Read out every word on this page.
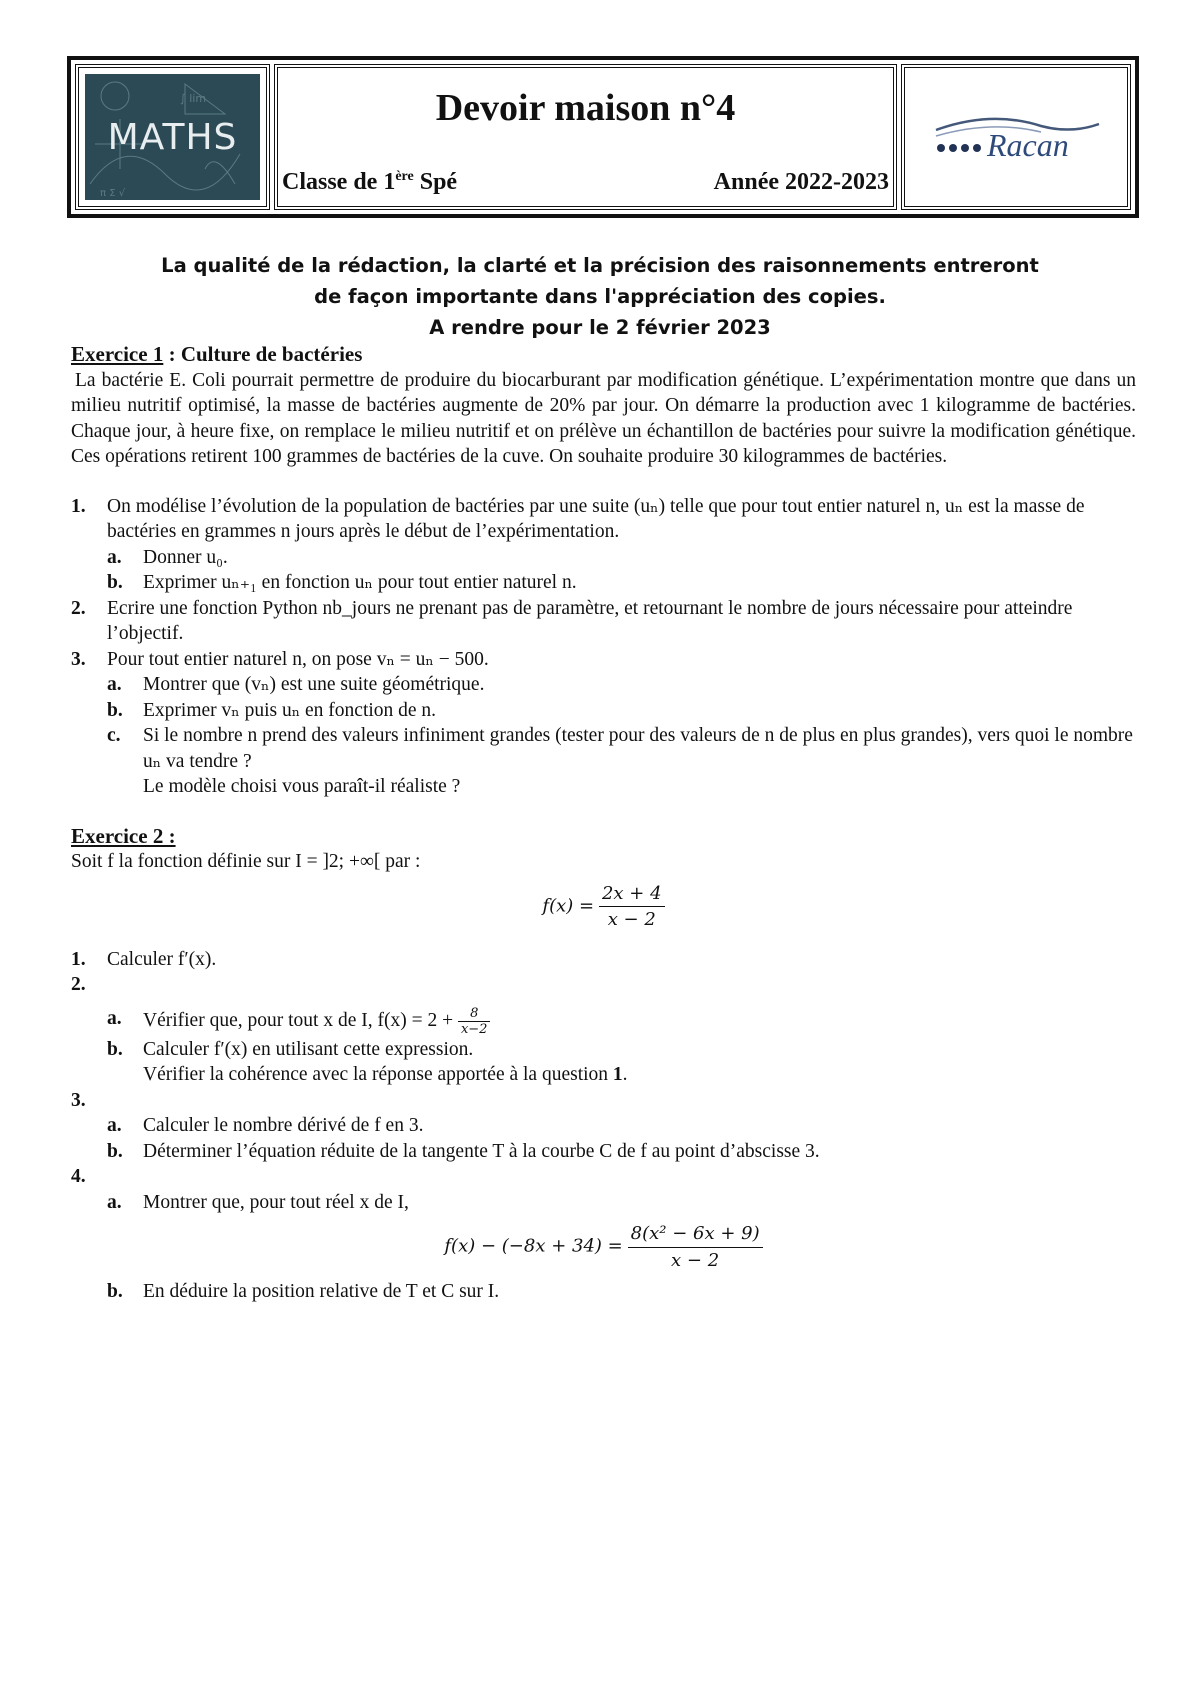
∫ lim
π Σ √
MATHS
Devoir maison n°4
Classe de 1ère Spé	Année 2022-2023
Racan
La qualité de la rédaction, la clarté et la précision des raisonnements entreront
de façon importante dans l'appréciation des copies.
A rendre pour le 2 février 2023

Exercice 1 : Culture de bactéries

La bactérie E. Coli pourrait permettre de produire du biocarburant par modification génétique. L’expérimentation montre que dans un milieu nutritif optimisé, la masse de bactéries augmente de 20% par jour. On démarre la production avec 1 kilogramme de bactéries. Chaque jour, à heure fixe, on remplace le milieu nutritif et on prélève un échantillon de bactéries pour suivre la modification génétique. Ces opérations retirent 100 grammes de bactéries de la cuve. On souhaite produire 30 kilogrammes de bactéries.

1. On modélise l’évolution de la population de bactéries par une suite (uₙ) telle que pour tout entier naturel n, uₙ est la masse de bactéries en grammes n jours après le début de l’expérimentation.
a. Donner u₀.
b. Exprimer uₙ₊₁ en fonction uₙ pour tout entier naturel n.
2. Ecrire une fonction Python nb_jours ne prenant pas de paramètre, et retournant le nombre de jours nécessaire pour atteindre l’objectif.
3. Pour tout entier naturel n, on pose vₙ = uₙ − 500.
a. Montrer que (vₙ) est une suite géométrique.
b. Exprimer vₙ puis uₙ en fonction de n.
c. Si le nombre n prend des valeurs infiniment grandes (tester pour des valeurs de n de plus en plus grandes), vers quoi le nombre uₙ va tendre ?
Le modèle choisi vous paraît-il réaliste ?

Exercice 2 :

Soit f la fonction définie sur I = ]2; +∞[ par :

$f(x) = \frac{2x + 4}{x - 2}$
1. Calculer f′(x).
2.

a. Vérifier que, pour tout x de I, $f(x) = 2 + \frac{8}{x-2}$
b. Calculer f′(x) en utilisant cette expression.
Vérifier la cohérence avec la réponse apportée à la question 1.
3.

a. Calculer le nombre dérivé de f en 3.
b. Déterminer l’équation réduite de la tangente T à la courbe C de f au point d’abscisse 3.
4.

a. Montrer que, pour tout réel x de I,
$f(x) - (-8x + 34) = \frac{\text{8(x² − 6x + 9)}}{x - 2}$
b. En déduire la position relative de T et C sur I.
